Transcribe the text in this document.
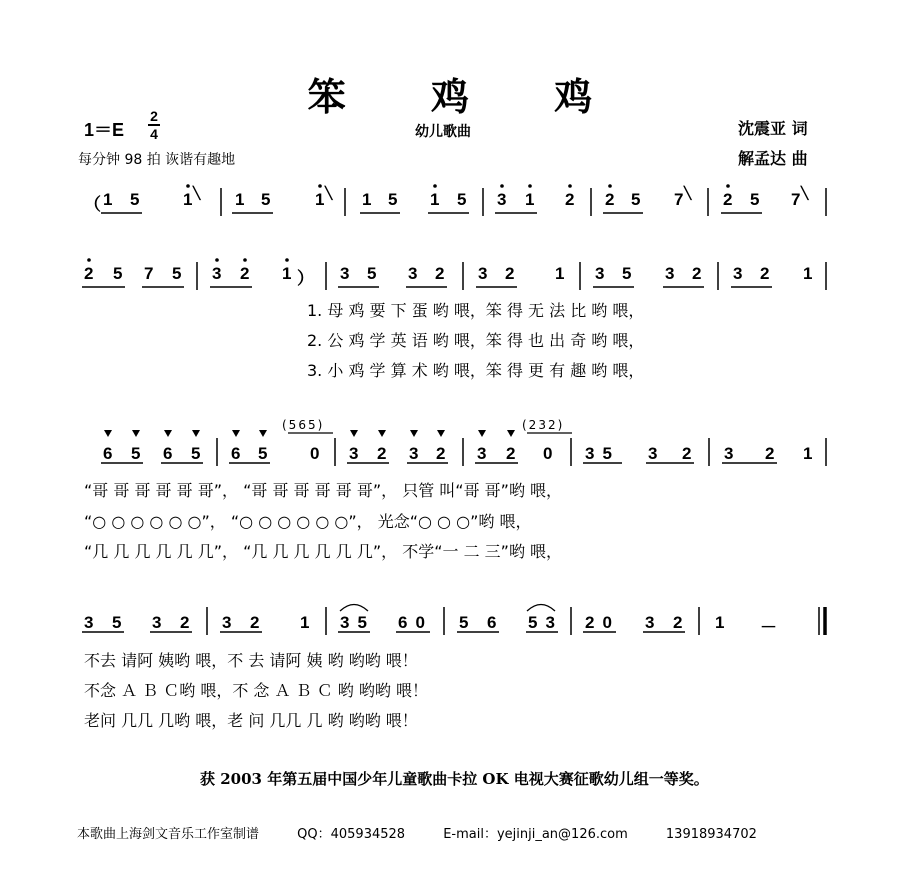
笨 鸡 鸡
1＝E
2
4	幼儿歌曲
每分钟 98 拍 诙谐有趣地
沈震亚 词
解孟达 曲
（ 1 5	1 ╲ 1 5	1 ╲ 1 5 1 5 3 1 2 2 5 7 ╲ 2 5 7 ╲
2 5 7 5 3 2 1 ） 3 5 3 2 3 2 1 3 5 3 2 3 2 1
1. 母 鸡 要 下 蛋 哟 喂，笨 得 无 法 比 哟 喂，
2. 公 鸡 学 英 语 哟 喂，笨 得 也 出 奇 哟 喂，
3. 小 鸡 学 算 术 哟 喂，笨 得 更 有 趣 哟 喂，
(565)	(232)
6 5 6 5 6 5	0 3 2 3 2 3 2 0 35 3 2 3 2 1
“哥 哥 哥 哥 哥 哥”， “哥 哥 哥 哥 哥 哥”， 只管 叫“哥 哥”哟 喂，
“○ ○ ○ ○ ○ ○”， “○ ○ ○ ○ ○ ○”， 光念“○ ○ ○”哟 喂，
“几 几 几 几 几 几”， “几 几 几 几 几 几”， 不学“一 二 三”哟 喂，
3 5 3 2 3 2 1 35 60 5 6 53 20 3 2 1 －
不去 请阿 姨哟 喂，不 去 请阿 姨 哟 哟哟 喂！
不念 Ａ Ｂ Ｃ哟 喂，不 念 Ａ Ｂ Ｃ 哟 哟哟 喂！
老问 几几 几哟 喂，老 问 几几 几 哟 哟哟 喂！
获 2003 年第五届中国少年儿童歌曲卡拉 OK 电视大赛征歌幼儿组一等奖。
本歌曲上海剑文音乐工作室制谱	QQ：405934528	E-mail：yejinji_an@126.com	13918934702
